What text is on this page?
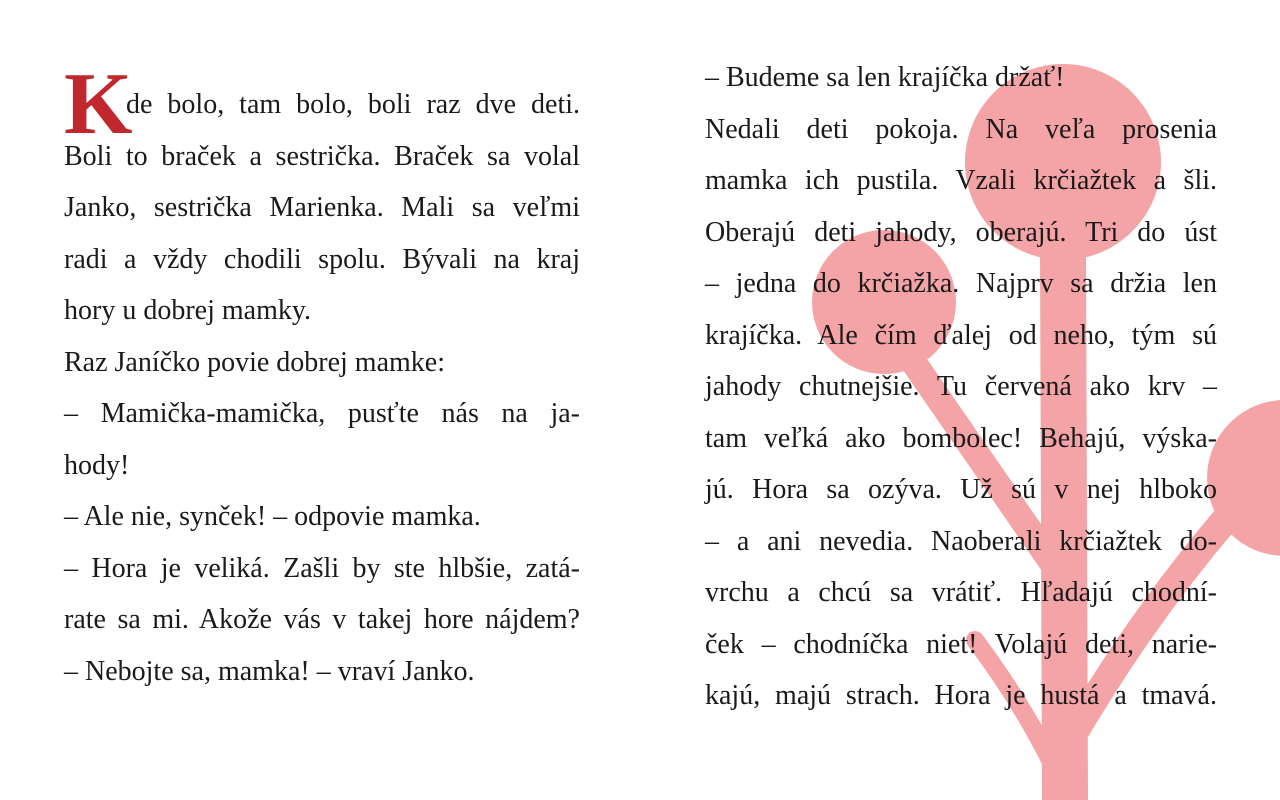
K
de bolo, tam bolo, boli raz dve deti.
Boli to braček a sestrička. Braček sa volal
Janko, sestrička Marienka. Mali sa veľmi
radi a vždy chodili spolu. Bývali na kraj
hory u dobrej mamky.
Raz Janíčko povie dobrej mamke:
– Mamička-mamička, pusťte nás na ja-
hody!
– Ale nie, synček! – odpovie mamka.
– Hora je veliká. Zašli by ste hlbšie, zatá-
rate sa mi. Akože vás v takej hore nájdem?
– Nebojte sa, mamka! – vraví Janko.
– Budeme sa len krajíčka držať!
Nedali deti pokoja. Na veľa prosenia
mamka ich pustila. Vzali krčiažtek a šli.
Oberajú deti jahody, oberajú. Tri do úst
– jedna do krčiažka. Najprv sa držia len
krajíčka. Ale čím ďalej od neho, tým sú
jahody chutnejšie. Tu červená ako krv –
tam veľká ako bombolec! Behajú, výska-
jú. Hora sa ozýva. Už sú v nej hlboko
– a ani nevedia. Naoberali krčiažtek do-
vrchu a chcú sa vrátiť. Hľadajú chodní-
ček – chodníčka niet! Volajú deti, narie-
kajú, majú strach. Hora je hustá a tmavá.
